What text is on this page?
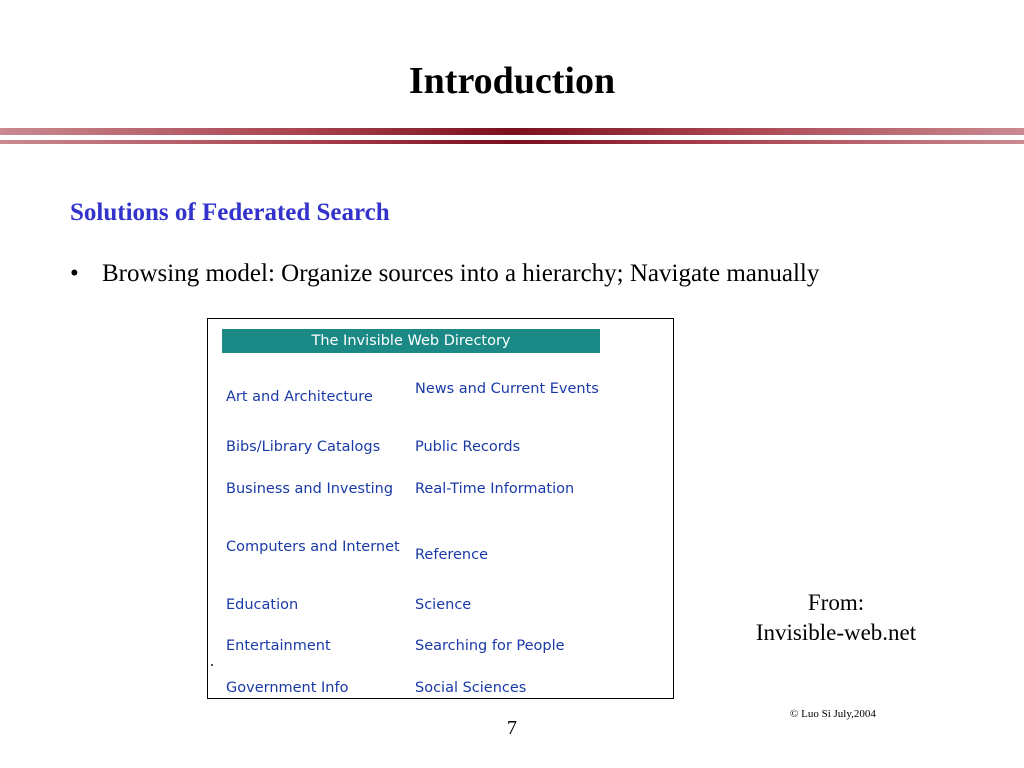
Introduction
Solutions of Federated Search
• Browsing model: Organize sources into a hierarchy; Navigate manually
The Invisible Web Directory
Art and Architecture	News and Current Events
Bibs/Library Catalogs	Public Records
Business and Investing	Real-Time Information
Computers and Internet	Reference
Education	Science
Entertainment	Searching for People
Government Info	Social Sciences
From:
Invisible-web.net
© Luo Si July,2004
7
